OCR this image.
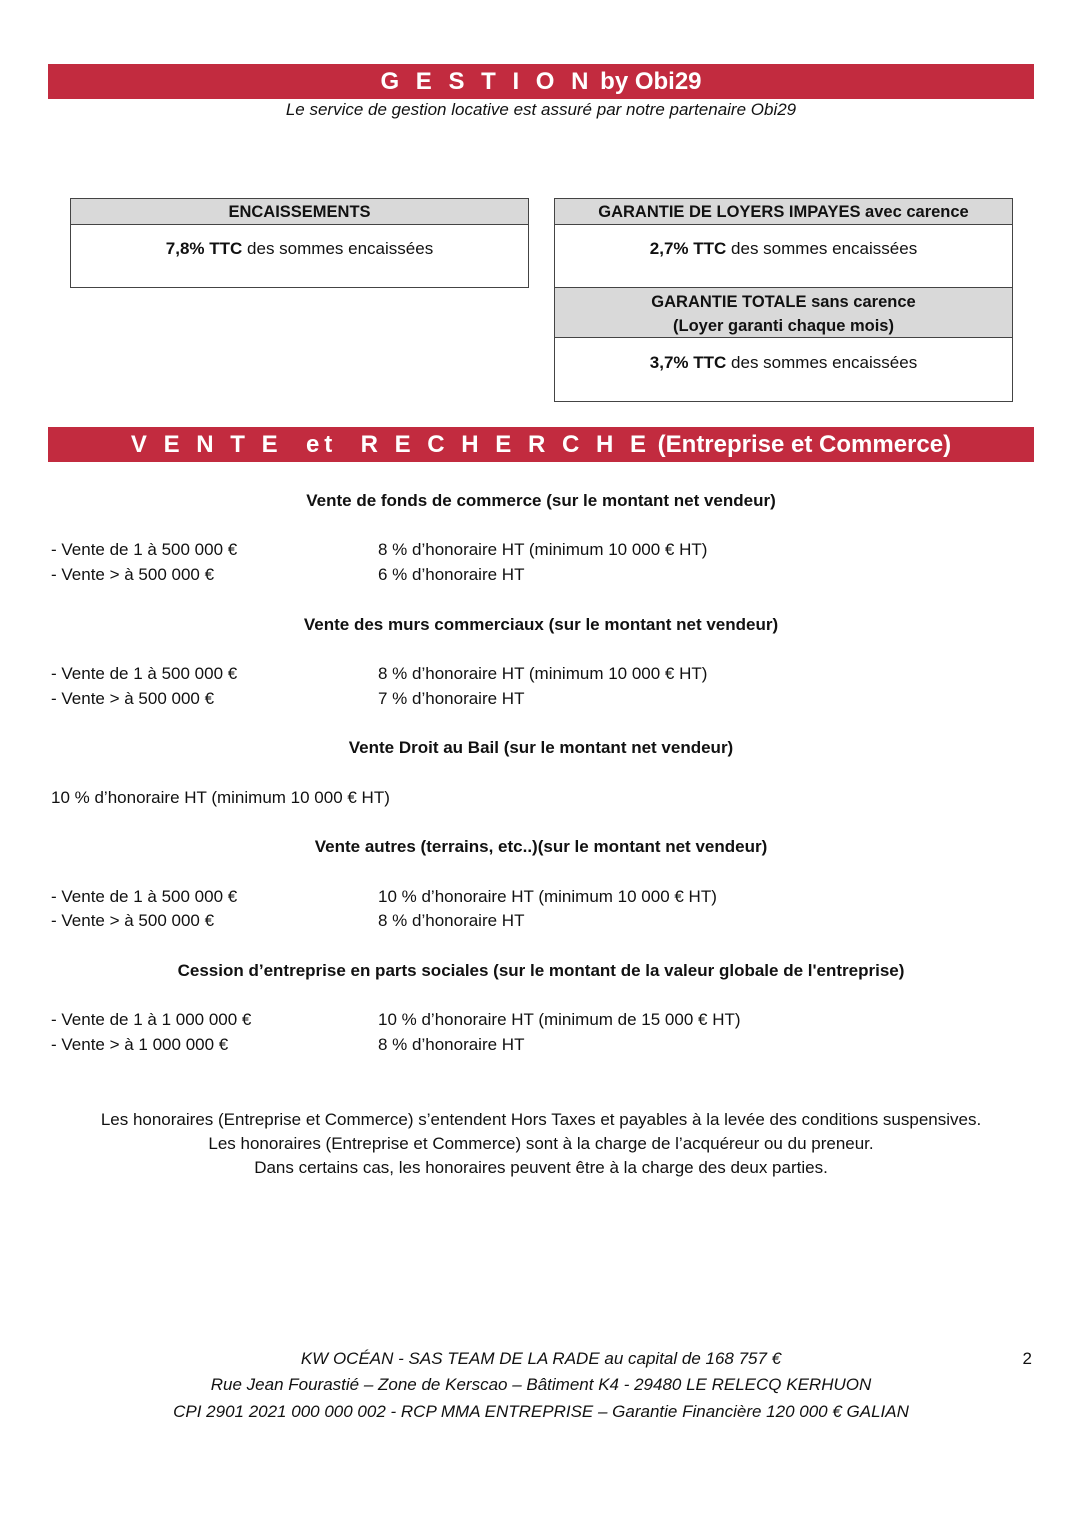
G E S T I O N by Obi29
Le service de gestion locative est assuré par notre partenaire Obi29
ENCAISSEMENTS
7,8% TTC des sommes encaissées
GARANTIE DE LOYERS IMPAYES avec carence
2,7% TTC des sommes encaissées
GARANTIE TOTALE sans carence
(Loyer garanti chaque mois)
3,7% TTC des sommes encaissées
V E N T E  et  R E C H E R C H E (Entreprise et Commerce)
Vente de fonds de commerce (sur le montant net vendeur)
- Vente de 1 à 500 000 €	8 % d’honoraire HT (minimum 10 000 € HT)
- Vente > à 500 000 €	6 % d’honoraire HT
Vente des murs commerciaux (sur le montant net vendeur)
- Vente de 1 à 500 000 €	8 % d’honoraire HT (minimum 10 000 € HT)
- Vente > à 500 000 €	7 % d’honoraire HT
Vente Droit au Bail (sur le montant net vendeur)
10 % d’honoraire HT (minimum 10 000 € HT)
Vente autres (terrains, etc..)(sur le montant net vendeur)
- Vente de 1 à 500 000 €	10 % d’honoraire HT (minimum 10 000 € HT)
- Vente > à 500 000 €	8 % d’honoraire HT
Cession d’entreprise en parts sociales (sur le montant de la valeur globale de l'entreprise)
- Vente de 1 à 1 000 000 €	10 % d’honoraire HT (minimum de 15 000 € HT)
- Vente > à 1 000 000 €	8 % d’honoraire HT
Les honoraires (Entreprise et Commerce) s’entendent Hors Taxes et payables à la levée des conditions suspensives.
Les honoraires (Entreprise et Commerce) sont à la charge de l’acquéreur ou du preneur.
Dans certains cas, les honoraires peuvent être à la charge des deux parties.
KW OCÉAN - SAS TEAM DE LA RADE au capital de 168 757 €
Rue Jean Fourastié – Zone de Kerscao – Bâtiment K4 - 29480 LE RELECQ KERHUON
CPI 2901 2021 000 000 002 - RCP MMA ENTREPRISE – Garantie Financière 120 000 € GALIAN
2
